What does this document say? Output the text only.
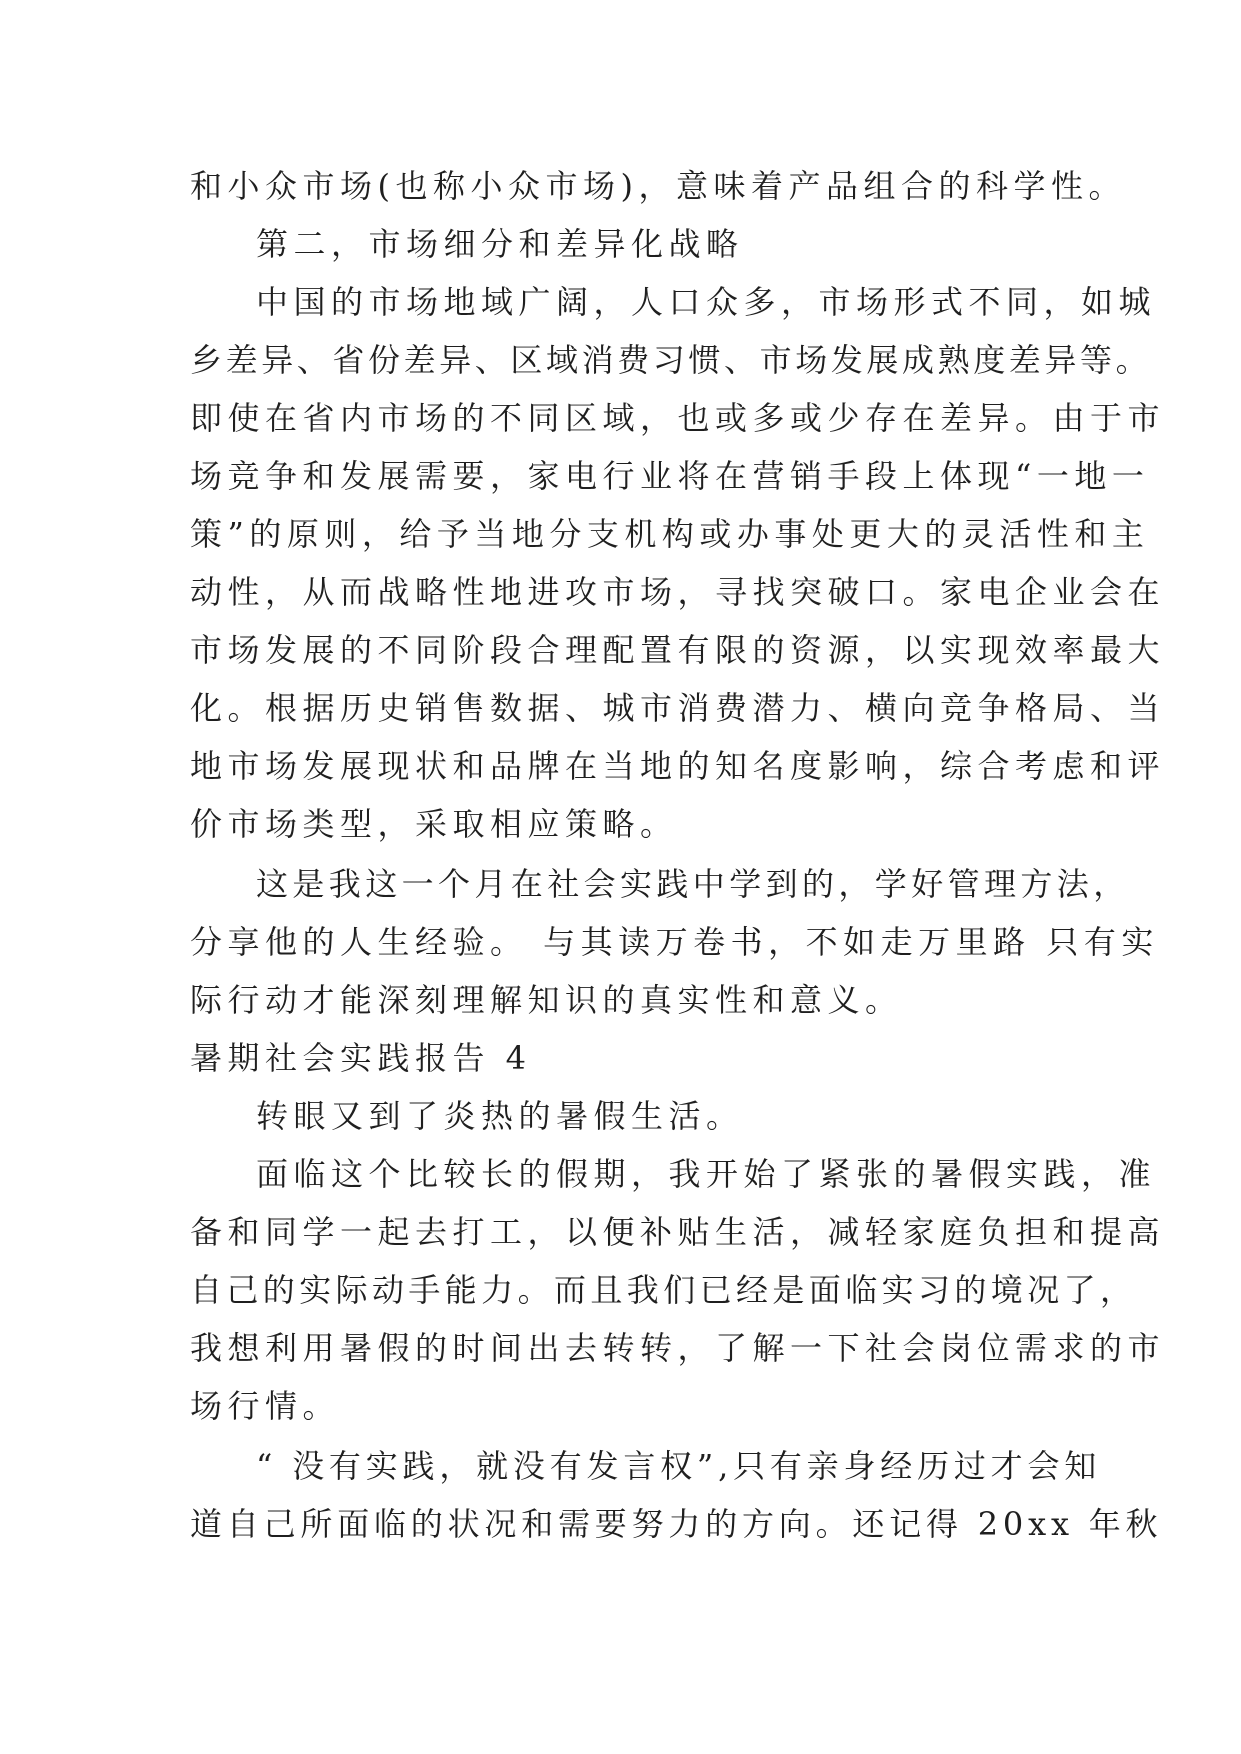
和小众市场(也称小众市场)，意味着产品组合的科学性。
第二，市场细分和差异化战略
中国的市场地域广阔，人口众多，市场形式不同，如城
乡差异、省份差异、区域消费习惯、市场发展成熟度差异等。
即使在省内市场的不同区域，也或多或少存在差异。由于市
场竞争和发展需要，家电行业将在营销手段上体现“一地一
策”的原则，给予当地分支机构或办事处更大的灵活性和主
动性，从而战略性地进攻市场，寻找突破口。家电企业会在
市场发展的不同阶段合理配置有限的资源，以实现效率最大
化。根据历史销售数据、城市消费潜力、横向竞争格局、当
地市场发展现状和品牌在当地的知名度影响，综合考虑和评
价市场类型，采取相应策略。
这是我这一个月在社会实践中学到的，学好管理方法，
分享他的人生经验。 与其读万卷书，不如走万里路 只有实
际行动才能深刻理解知识的真实性和意义。
暑期社会实践报告 4
转眼又到了炎热的暑假生活。
面临这个比较长的假期，我开始了紧张的暑假实践，准
备和同学一起去打工，以便补贴生活，减轻家庭负担和提高
自己的实际动手能力。而且我们已经是面临实习的境况了，
我想利用暑假的时间出去转转，了解一下社会岗位需求的市
场行情。
“ 没有实践，就没有发言权”,只有亲身经历过才会知
道自己所面临的状况和需要努力的方向。还记得 20xx 年秋
